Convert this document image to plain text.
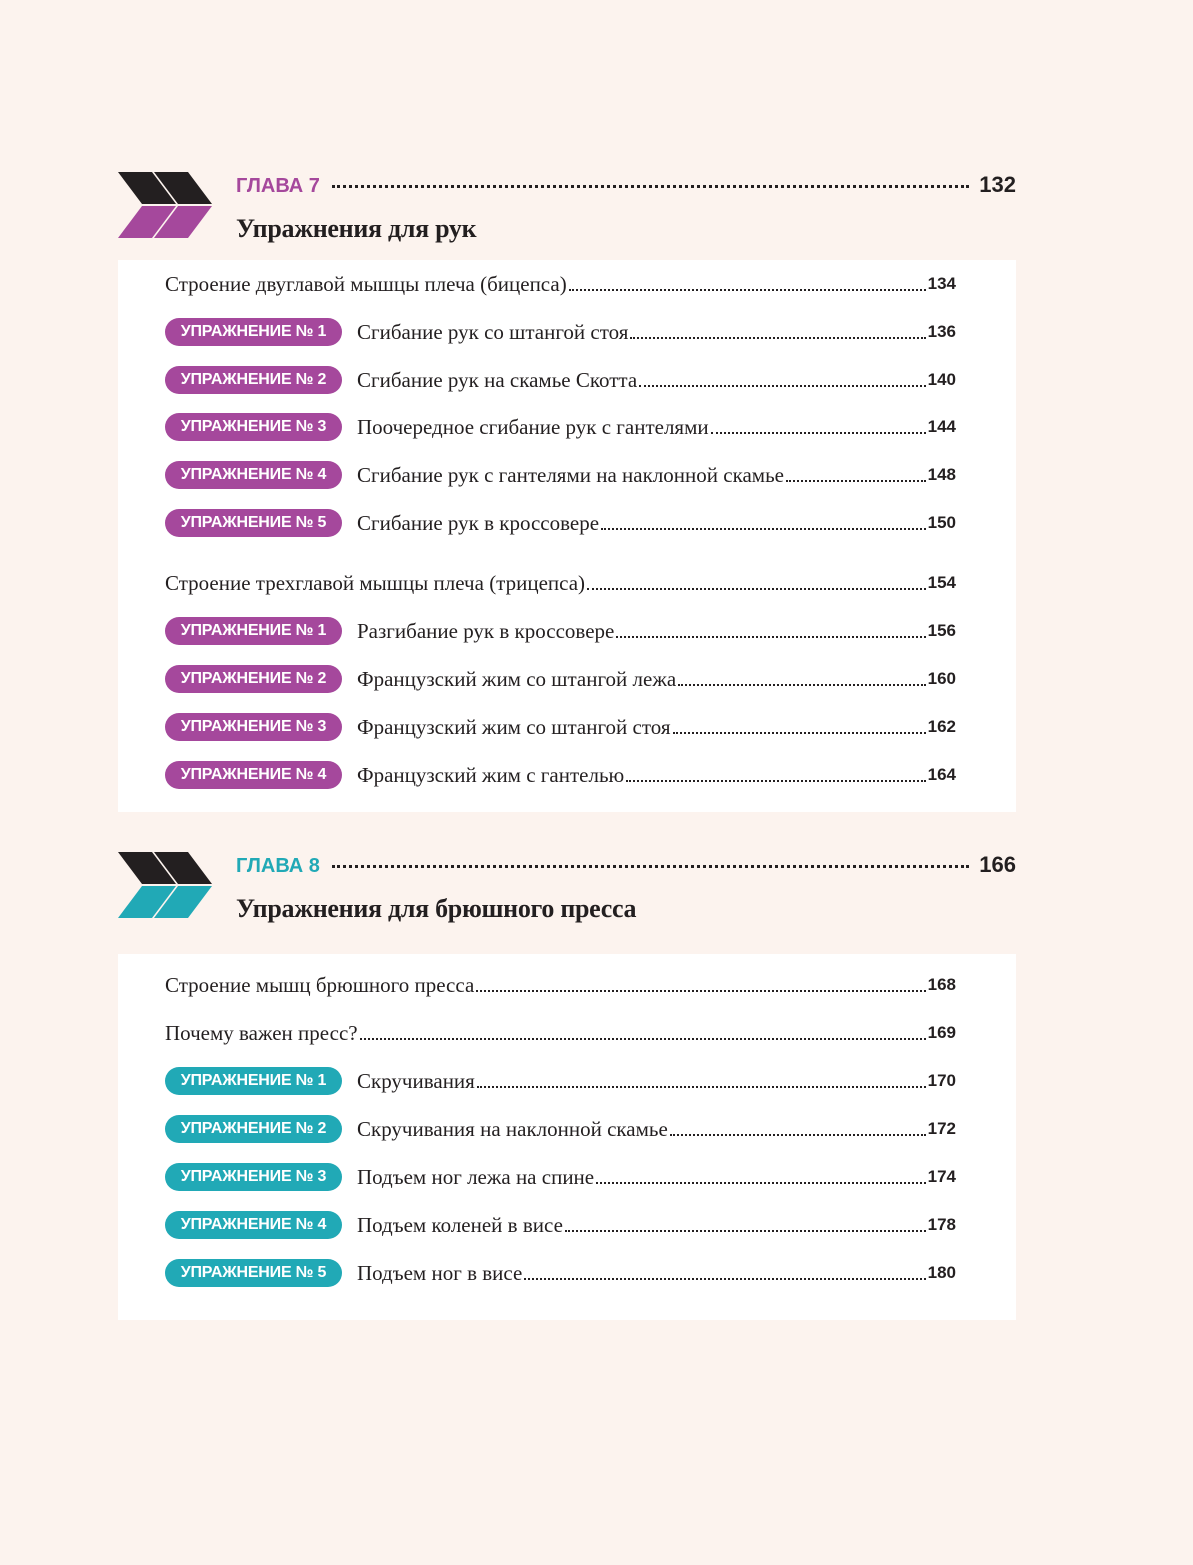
ГЛАВА 7	132
Упражнения для рук
Строение двуглавой мышцы плеча (бицепса)	134
УПРАЖНЕНИЕ № 1	Сгибание рук со штангой стоя	136
УПРАЖНЕНИЕ № 2	Сгибание рук на скамье Скотта	140
УПРАЖНЕНИЕ № 3	Поочередное сгибание рук с гантелями	144
УПРАЖНЕНИЕ № 4	Сгибание рук с гантелями на наклонной скамье	148
УПРАЖНЕНИЕ № 5	Сгибание рук в кроссовере	150
Строение трехглавой мышцы плеча (трицепса)	154
УПРАЖНЕНИЕ № 1	Разгибание рук в кроссовере	156
УПРАЖНЕНИЕ № 2	Французский жим со штангой лежа	160
УПРАЖНЕНИЕ № 3	Французский жим со штангой стоя	162
УПРАЖНЕНИЕ № 4	Французский жим с гантелью	164
ГЛАВА 8	166
Упражнения для брюшного пресса
Строение мышц брюшного пресса	168
Почему важен пресс?	169
УПРАЖНЕНИЕ № 1	Скручивания	170
УПРАЖНЕНИЕ № 2	Скручивания на наклонной скамье	172
УПРАЖНЕНИЕ № 3	Подъем ног лежа на спине	174
УПРАЖНЕНИЕ № 4	Подъем коленей в висе	178
УПРАЖНЕНИЕ № 5	Подъем ног в висе	180
